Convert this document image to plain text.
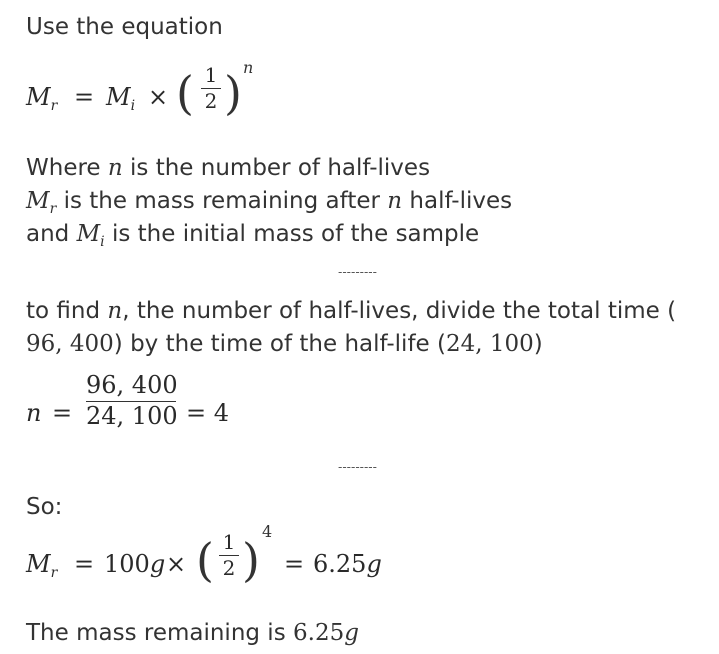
Use the equation
$M_r = M_i$ × ( 1
2 ) n
Where n is the number of half-lives
$M_r$ is the mass remaining after n half-lives
and $M_i$ is the initial mass of the sample
---------
to find n, the number of half-lives, divide the total time (
96, 400) by the time of the half-life (24, 100)
n =
96, 400
24, 100 = 4
---------
So:
$M_r = 100g$ × ( 1
2 )
4
= 6.25g
The mass remaining is 6.25g
